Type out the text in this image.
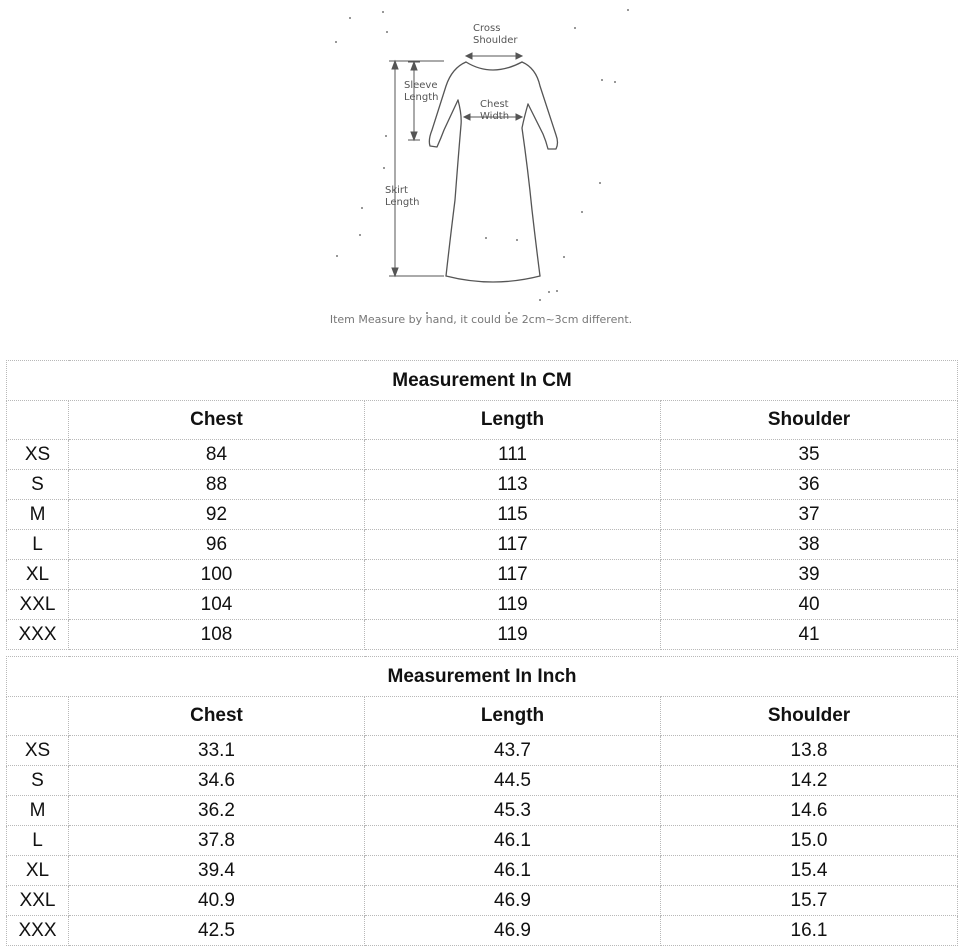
Cross
Shoulder
Sleeve
Length
Chest
Width
Skirt
Length
Item Measure by hand, it could be 2cm~3cm different.
Measurement In CM			
	Chest	Length	Shoulder
XS	84	111	35
S	88	113	36
M	92	115	37
L	96	117	38
XL	100	117	39
XXL	104	119	40
XXX	108	119	41
Measurement In Inch			
	Chest	Length	Shoulder
XS	33.1	43.7	13.8
S	34.6	44.5	14.2
M	36.2	45.3	14.6
L	37.8	46.1	15.0
XL	39.4	46.1	15.4
XXL	40.9	46.9	15.7
XXX	42.5	46.9	16.1
